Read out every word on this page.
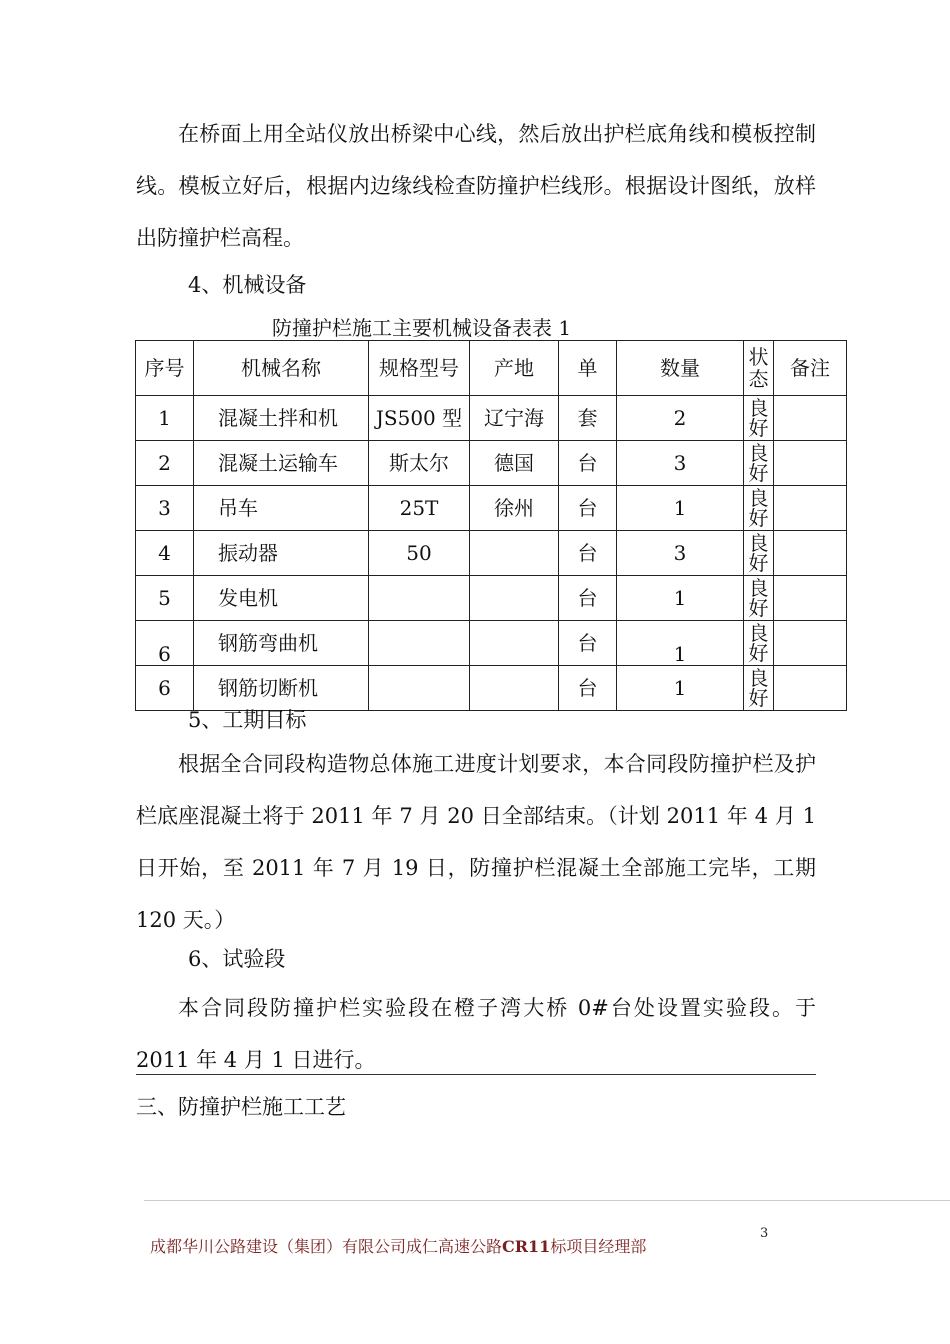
在桥面上用全站仪放出桥梁中心线，然后放出护栏底角线和模板控制线。模板立好后，根据内边缘线检查防撞护栏线形。根据设计图纸，放样出防撞护栏高程。

4、机械设备
防撞护栏施工主要机械设备表表 1
序号	机械名称	规格型号	产地	单	数量	状态	备注
1	混凝土拌和机	JS500 型	辽宁海	套	2	良好	

2	混凝土运输车	斯太尔	德国	台	3	良好	

3	吊车	25T	徐州	台	1	良好	

4	振动器	50		台	3	良好	

5	发电机			台	1	良好	

6	钢筋弯曲机			台	1	良好	

6	钢筋切断机			台	1	良好	

5、工期目标

根据全合同段构造物总体施工进度计划要求，本合同段防撞护栏及护栏底座混凝土将于 2011 年 7 月 20 日全部结束。（计划 2011 年 4 月 1 日开始，至 2011 年 7 月 19 日，防撞护栏混凝土全部施工完毕，工期 120 天。）

6、试验段

本合同段防撞护栏实验段在橙子湾大桥 0#台处设置实验段。于 2011 年 4 月 1 日进行。

三、防撞护栏施工工艺
成都华川公路建设（集团）有限公司成仁高速公路CR11标项目经理部
3
